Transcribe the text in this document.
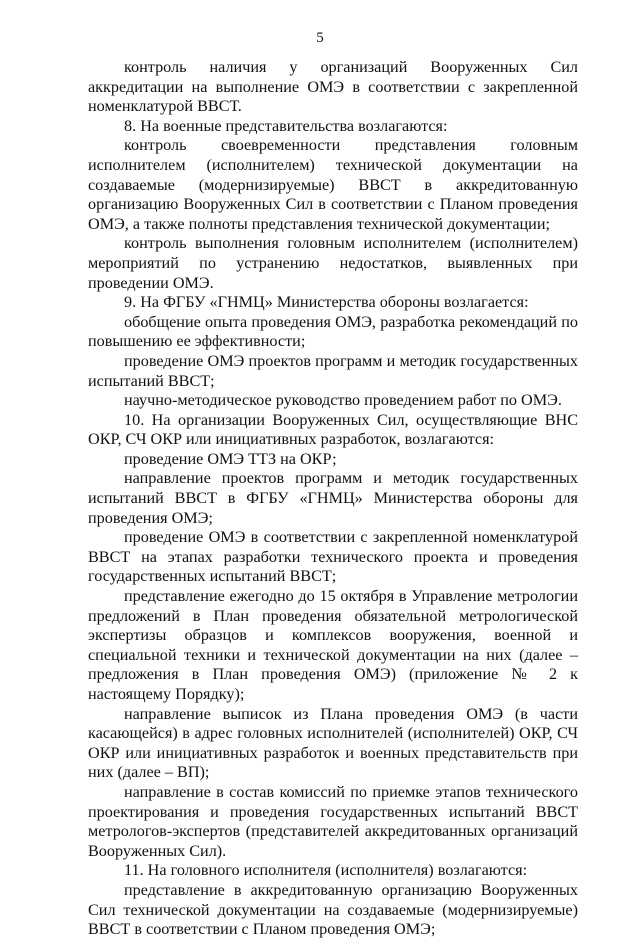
5

контроль наличия у организаций Вооруженных Сил аккредитации на выполнение ОМЭ в соответствии с закрепленной номенклатурой ВВСТ.

8. На военные представительства возлагаются:

контроль своевременности представления головным исполнителем (исполнителем) технической документации на создаваемые (модернизируемые) ВВСТ в аккредитованную организацию Вооруженных Сил в соответствии с Планом проведения ОМЭ, а также полноты представления технической документации;

контроль выполнения головным исполнителем (исполнителем) мероприятий по устранению недостатков, выявленных при проведении ОМЭ.

9. На ФГБУ «ГНМЦ» Министерства обороны возлагается:

обобщение опыта проведения ОМЭ, разработка рекомендаций по повышению ее эффективности;

проведение ОМЭ проектов программ и методик государственных испытаний ВВСТ;

научно-методическое руководство проведением работ по ОМЭ.

10. На организации Вооруженных Сил, осуществляющие ВНС ОКР, СЧ ОКР или инициативных разработок, возлагаются:

проведение ОМЭ ТТЗ на ОКР;

направление проектов программ и методик государственных испытаний ВВСТ в ФГБУ «ГНМЦ» Министерства обороны для проведения ОМЭ;

проведение ОМЭ в соответствии с закрепленной номенклатурой ВВСТ на этапах разработки технического проекта и проведения государственных испытаний ВВСТ;

представление ежегодно до 15 октября в Управление метрологии предложений в План проведения обязательной метрологической экспертизы образцов и комплексов вооружения, военной и специальной техники и технической документации на них (далее – предложения в План проведения ОМЭ) (приложение № 2 к настоящему Порядку);

направление выписок из Плана проведения ОМЭ (в части касающейся) в адрес головных исполнителей (исполнителей) ОКР, СЧ ОКР или инициативных разработок и военных представительств при них (далее – ВП);

направление в состав комиссий по приемке этапов технического проектирования и проведения государственных испытаний ВВСТ метрологов-экспертов (представителей аккредитованных организаций Вооруженных Сил).

11. На головного исполнителя (исполнителя) возлагаются:

представление в аккредитованную организацию Вооруженных Сил технической документации на создаваемые (модернизируемые) ВВСТ в соответствии с Планом проведения ОМЭ;
